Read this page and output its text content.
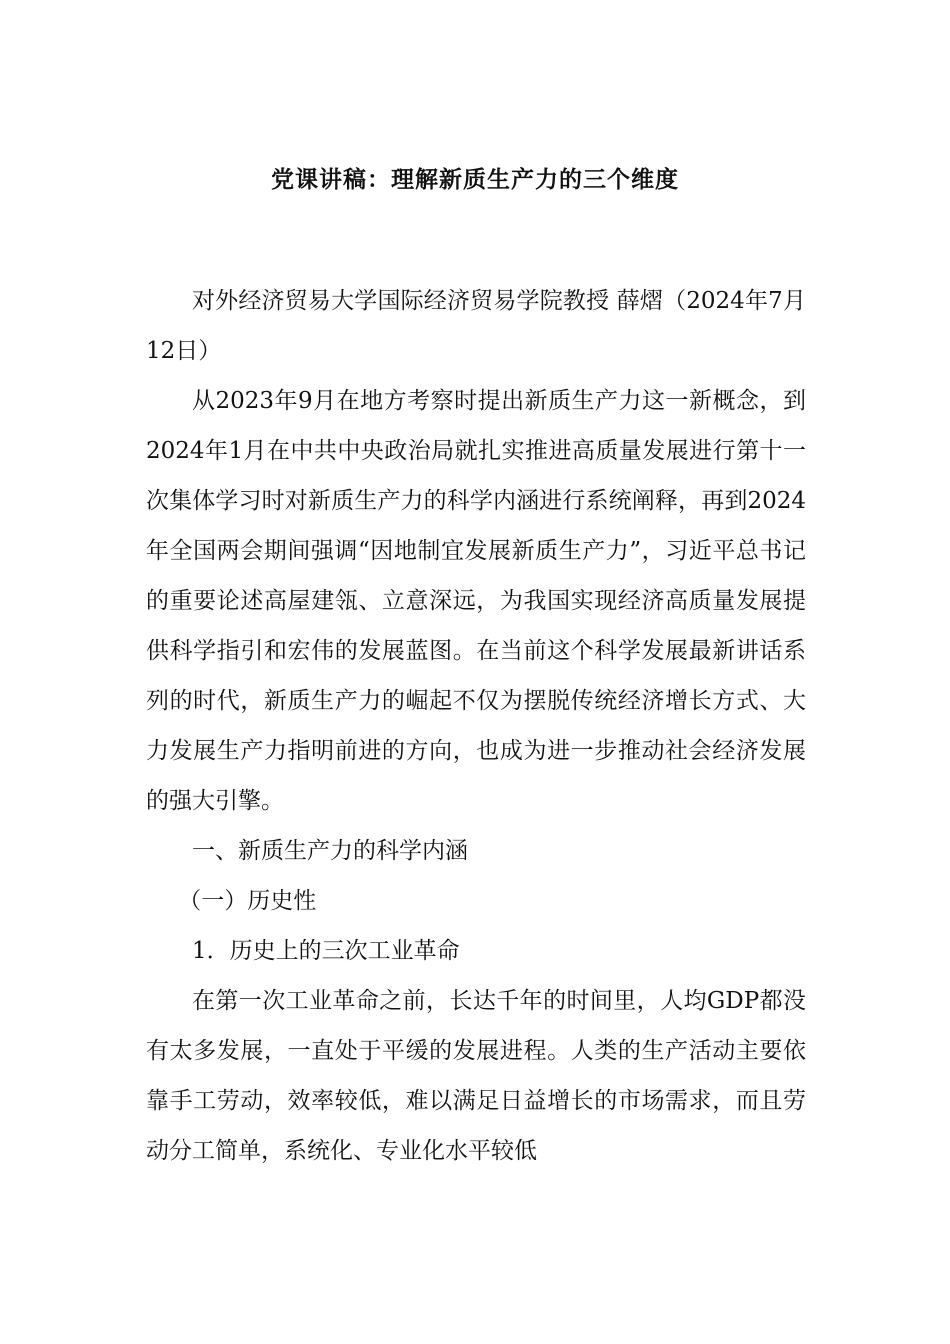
党课讲稿：理解新质生产力的三个维度

对外经济贸易大学国际经济贸易学院教授 薛熠（2024年7月12日）

从2023年9月在地方考察时提出新质生产力这一新概念，到2024年1月在中共中央政治局就扎实推进高质量发展进行第十一次集体学习时对新质生产力的科学内涵进行系统阐释，再到2024年全国两会期间强调“因地制宜发展新质生产力”，习近平总书记的重要论述高屋建瓴、立意深远，为我国实现经济高质量发展提供科学指引和宏伟的发展蓝图。在当前这个科学发展最新讲话系列的时代，新质生产力的崛起不仅为摆脱传统经济增长方式、大力发展生产力指明前进的方向，也成为进一步推动社会经济发展的强大引擎。

一、新质生产力的科学内涵

（一）历史性

1．历史上的三次工业革命

在第一次工业革命之前，长达千年的时间里，人均GDP都没有太多发展，一直处于平缓的发展进程。人类的生产活动主要依靠手工劳动，效率较低，难以满足日益增长的市场需求，而且劳动分工简单，系统化、专业化水平较低
